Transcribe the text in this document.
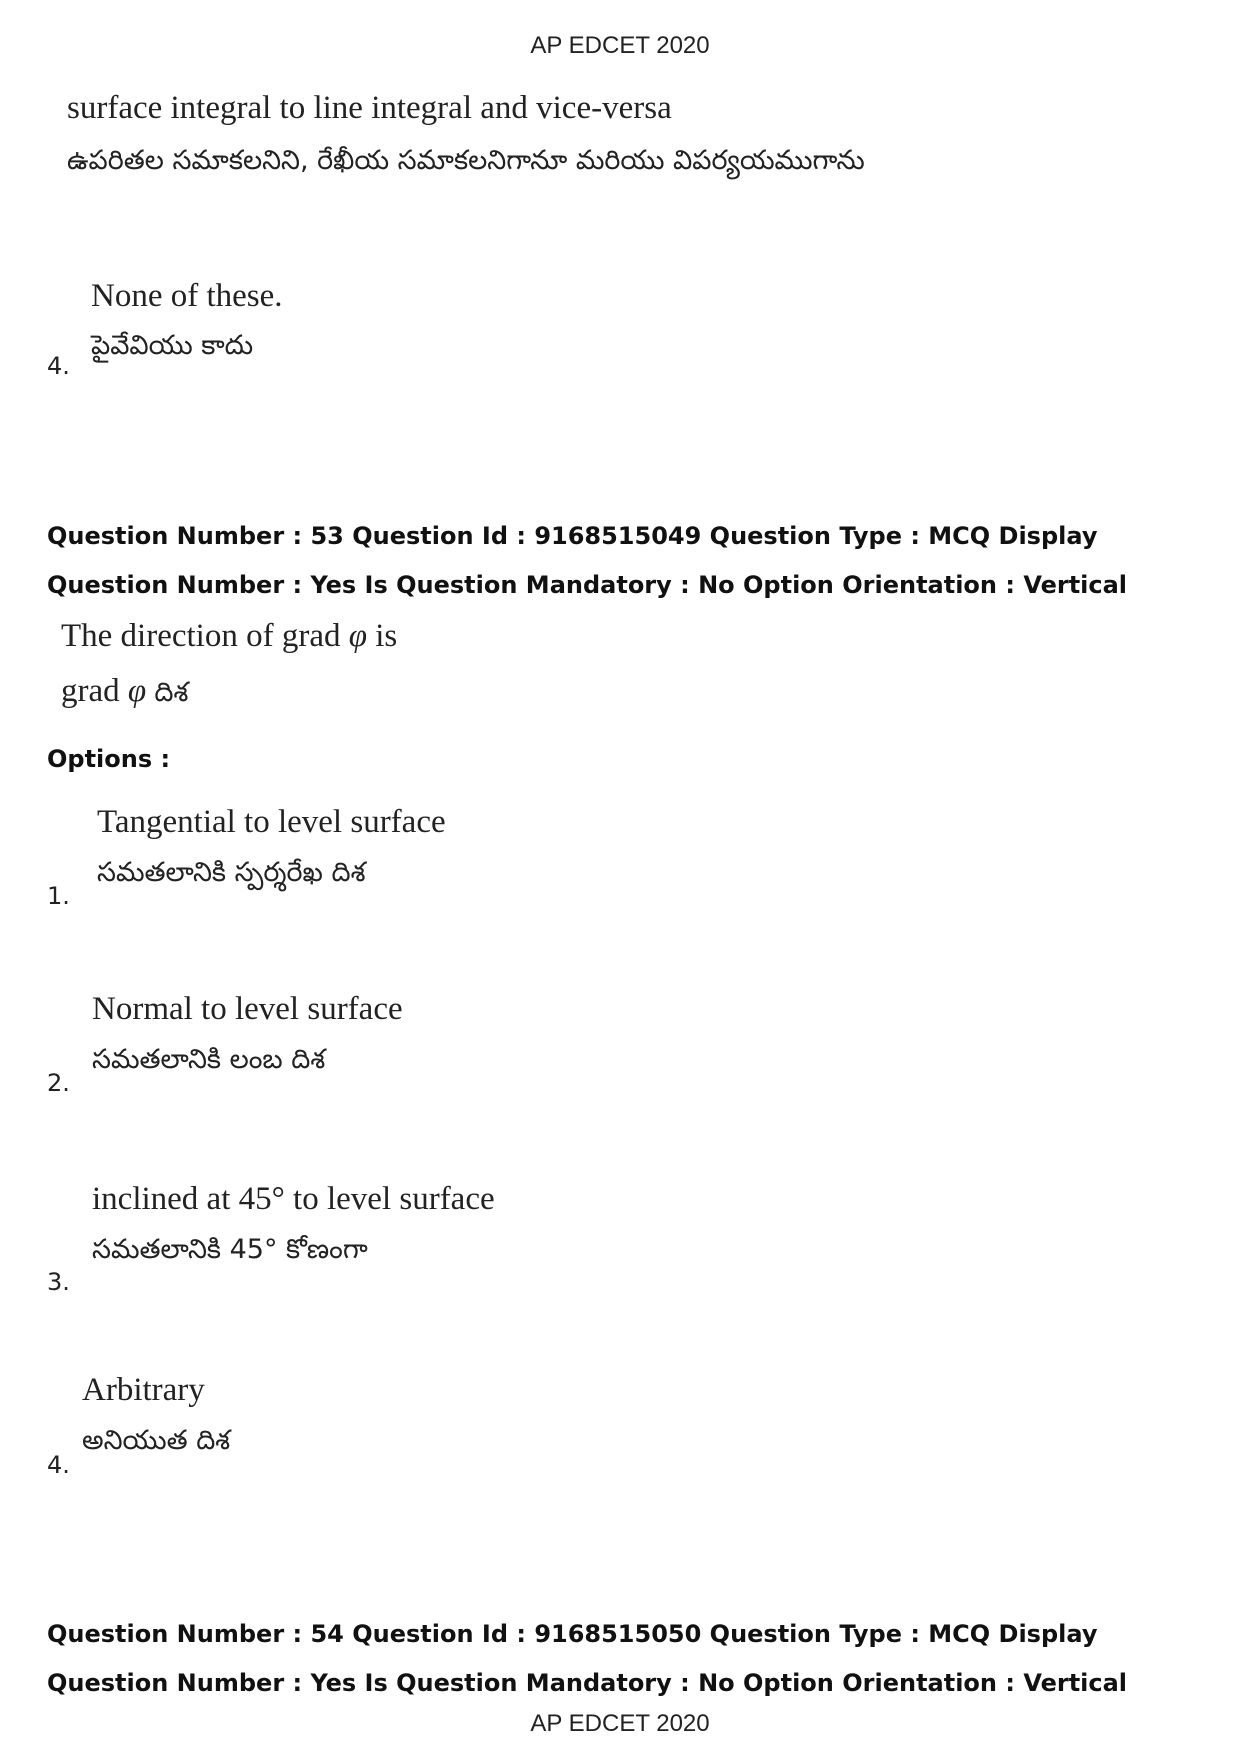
AP EDCET 2020
surface integral to line integral and vice-versa
ఉపరితల సమాకలనిని, రేఖీయ సమాకలనిగానూ మరియు విపర్యయముగాను
None of these.
పైవేవియు కాదు
4.
Question Number : 53 Question Id : 9168515049 Question Type : MCQ Display Question Number : Yes Is Question Mandatory : No Option Orientation : Vertical
The direction of grad φ is
grad φ దిశ
Options :
Tangential to level surface
సమతలానికి స్పర్శరేఖ దిశ
1.
Normal to level surface
సమతలానికి లంబ దిశ
2.
inclined at 45° to level surface
సమతలానికి 45° కోణంగా
3.
Arbitrary
అనియుత దిశ
4.
Question Number : 54 Question Id : 9168515050 Question Type : MCQ Display Question Number : Yes Is Question Mandatory : No Option Orientation : Vertical
AP EDCET 2020
